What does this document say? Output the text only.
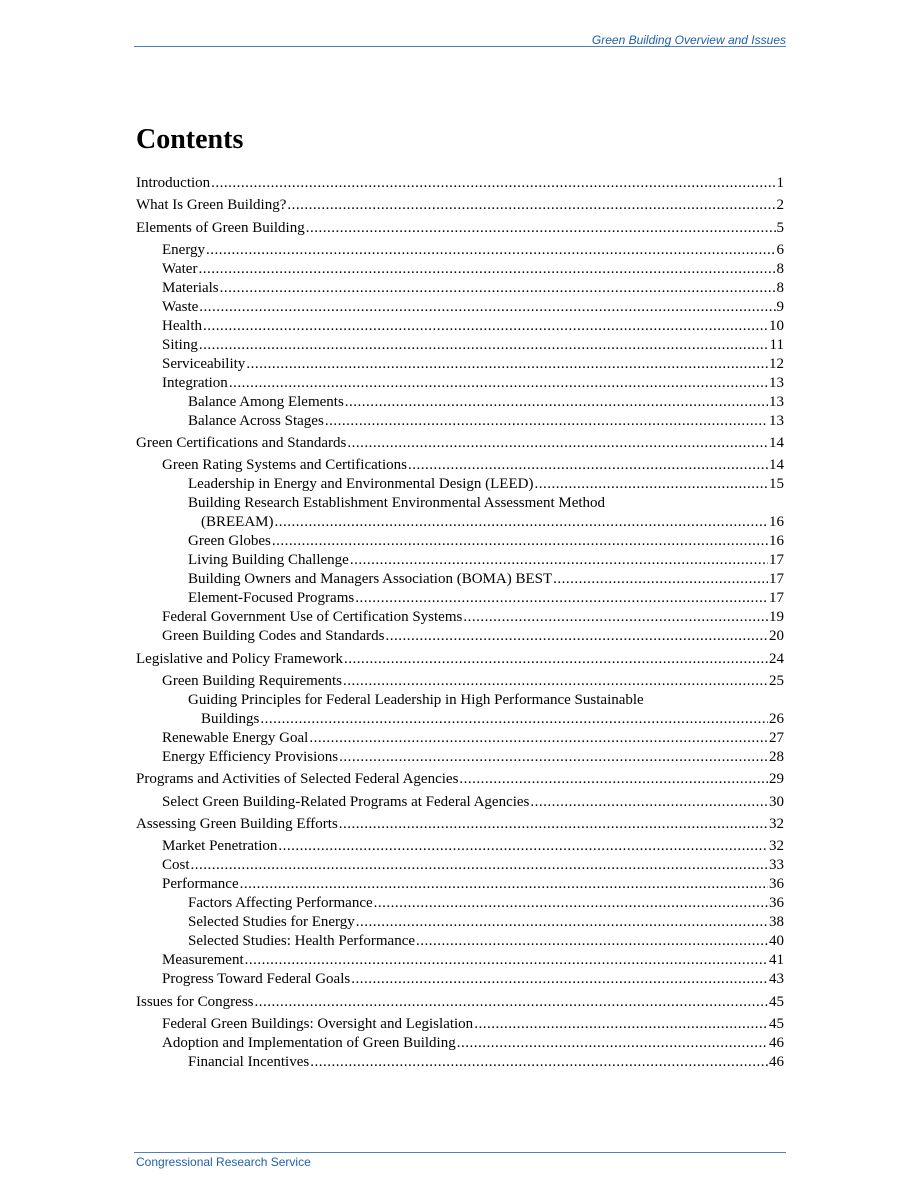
Green Building Overview and Issues
Contents
Introduction .....	1
What Is Green Building? .....	2
Elements of Green Building .....	5
Energy .....	6
Water .....	8
Materials .....	8
Waste .....	9
Health .....	10
Siting .....	11
Serviceability .....	12
Integration .....	13
Balance Among Elements .....	13
Balance Across Stages .....	13
Green Certifications and Standards .....	14
Green Rating Systems and Certifications .....	14
Leadership in Energy and Environmental Design (LEED) .....	15
Building Research Establishment Environmental Assessment Method
(BREEAM) .....	16
Green Globes .....	16
Living Building Challenge .....	17
Building Owners and Managers Association (BOMA) BEST .....	17
Element-Focused Programs .....	17
Federal Government Use of Certification Systems .....	19
Green Building Codes and Standards .....	20
Legislative and Policy Framework .....	24
Green Building Requirements .....	25
Guiding Principles for Federal Leadership in High Performance Sustainable
Buildings .....	26
Renewable Energy Goal .....	27
Energy Efficiency Provisions .....	28
Programs and Activities of Selected Federal Agencies .....	29
Select Green Building-Related Programs at Federal Agencies .....	30
Assessing Green Building Efforts .....	32
Market Penetration .....	32
Cost .....	33
Performance .....	36
Factors Affecting Performance .....	36
Selected Studies for Energy .....	38
Selected Studies: Health Performance .....	40
Measurement .....	41
Progress Toward Federal Goals .....	43
Issues for Congress .....	45
Federal Green Buildings: Oversight and Legislation .....	45
Adoption and Implementation of Green Building .....	46
Financial Incentives .....	46
Congressional Research Service
